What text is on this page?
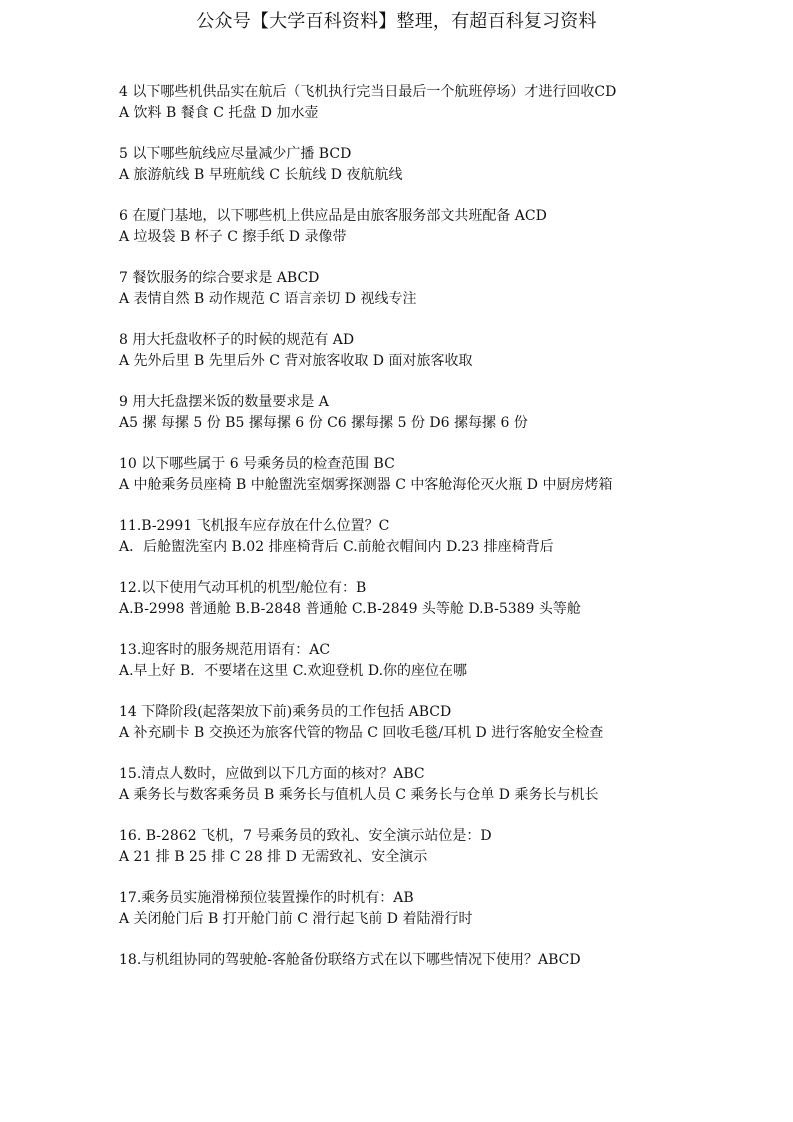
公众号【大学百科资料】整理，有超百科复习资料
4 以下哪些机供品实在航后（飞机执行完当日最后一个航班停场）才进行回收CD
A 饮料 B 餐食 C 托盘 D 加水壶
5 以下哪些航线应尽量减少广播 BCD
A 旅游航线 B 早班航线 C 长航线 D 夜航航线
6 在厦门基地，以下哪些机上供应品是由旅客服务部文共班配备 ACD
A 垃圾袋 B 杯子 C 擦手纸 D 录像带
7 餐饮服务的综合要求是 ABCD
A 表情自然 B 动作规范 C 语言亲切 D 视线专注
8 用大托盘收杯子的时候的规范有 AD
A 先外后里 B 先里后外 C 背对旅客收取 D 面对旅客收取
9 用大托盘摆米饭的数量要求是 A
A5 摞 每摞 5 份 B5 摞每摞 6 份 C6 摞每摞 5 份 D6 摞每摞 6 份
10 以下哪些属于 6 号乘务员的检查范围 BC
A 中舱乘务员座椅 B 中舱盥洗室烟雾探测器 C 中客舱海伦灭火瓶 D 中厨房烤箱
11.B-2991 飞机报车应存放在什么位置？C
A．后舱盥洗室内 B.02 排座椅背后 C.前舱衣帽间内 D.23 排座椅背后
12.以下使用气动耳机的机型/舱位有：B
A.B-2998 普通舱 B.B-2848 普通舱 C.B-2849 头等舱 D.B-5389 头等舱
13.迎客时的服务规范用语有：AC
A.早上好 B．不要堵在这里 C.欢迎登机 D.你的座位在哪
14 下降阶段(起落架放下前)乘务员的工作包括 ABCD
A 补充刷卡 B 交换还为旅客代管的物品 C 回收毛毯/耳机 D 进行客舱安全检查
15.清点人数时，应做到以下几方面的核对？ABC
A 乘务长与数客乘务员 B 乘务长与值机人员 C 乘务长与仓单 D 乘务长与机长
16. B-2862 飞机，7 号乘务员的致礼、安全演示站位是：D
A 21 排 B 25 排 C 28 排 D 无需致礼、安全演示
17.乘务员实施滑梯预位装置操作的时机有：AB
A 关闭舱门后 B 打开舱门前 C 滑行起飞前 D 着陆滑行时
18.与机组协同的驾驶舱-客舱备份联络方式在以下哪些情况下使用？ABCD
